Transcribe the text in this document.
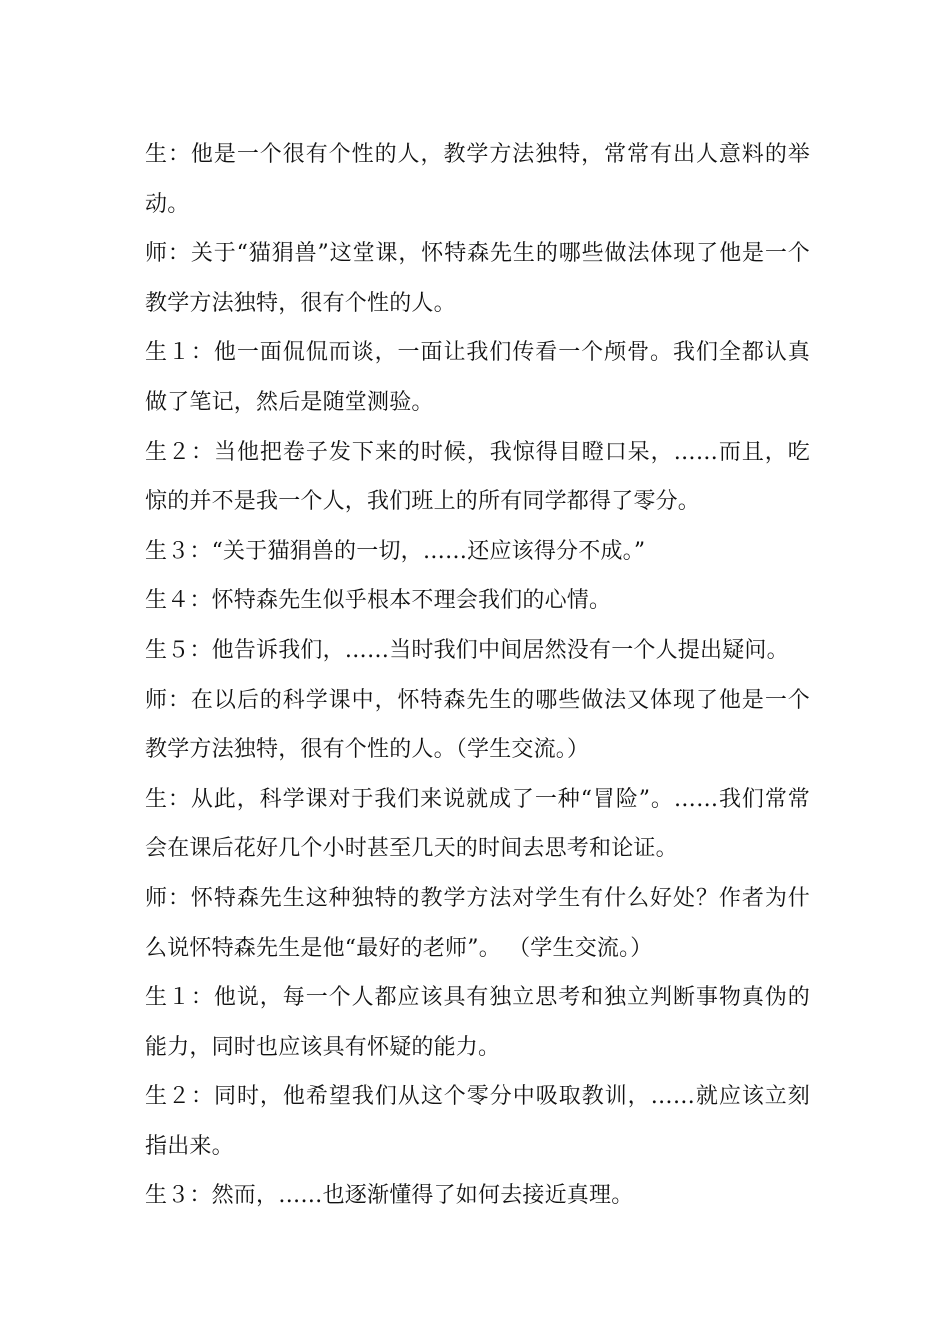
生：他是一个很有个性的人，教学方法独特，常常有出人意料的举动。

师：关于“猫狷兽”这堂课，怀特森先生的哪些做法体现了他是一个教学方法独特，很有个性的人。

生１：他一面侃侃而谈，一面让我们传看一个颅骨。我们全都认真做了笔记，然后是随堂测验。

生２：当他把卷子发下来的时候，我惊得目瞪口呆，……而且，吃惊的并不是我一个人，我们班上的所有同学都得了零分。

生３：“关于猫狷兽的一切，……还应该得分不成。”

生４：怀特森先生似乎根本不理会我们的心情。

生５：他告诉我们，……当时我们中间居然没有一个人提出疑问。

师：在以后的科学课中，怀特森先生的哪些做法又体现了他是一个教学方法独特，很有个性的人。（学生交流。）

生：从此，科学课对于我们来说就成了一种“冒险”。……我们常常会在课后花好几个小时甚至几天的时间去思考和论证。

师：怀特森先生这种独特的教学方法对学生有什么好处？作者为什么说怀特森先生是他“最好的老师”。 （学生交流。）

生１：他说，每一个人都应该具有独立思考和独立判断事物真伪的能力，同时也应该具有怀疑的能力。

生２：同时，他希望我们从这个零分中吸取教训，……就应该立刻指出来。

生３：然而，……也逐渐懂得了如何去接近真理。
